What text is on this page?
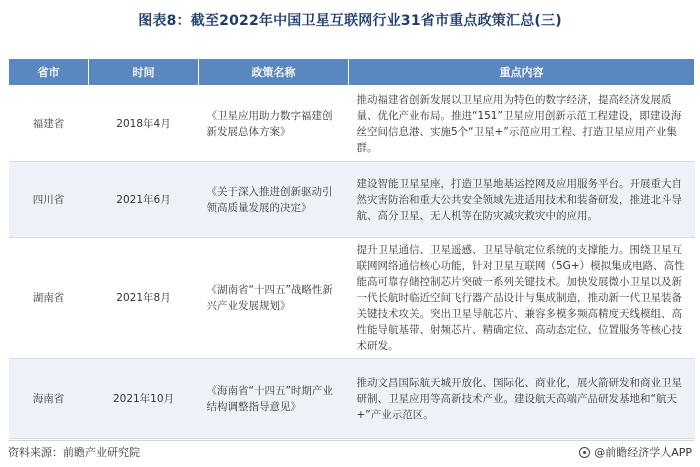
图表8：截至2022年中国卫星互联网行业31省市重点政策汇总(三)
省市	时间	政策名称	重点内容
福建省	2018年4月	《卫星应用助力数字福建创新发展总体方案》	推动福建省创新发展以卫星应用为特色的数字经济，提高经济发展质量、优化产业布局。推进“151”卫星应用创新示范工程建设，即建设海丝空间信息港、实施5个“卫星+”示范应用工程、打造卫星应用产业集群。
四川省	2021年6月	《关于深入推进创新驱动引领高质量发展的决定》	建设智能卫星星座，打造卫星地基运控网及应用服务平台。开展重大自然灾害防治和重大公共安全领域先进适用技术和装备研发，推进北斗导航、高分卫星、无人机等在防灾减灾救灾中的应用。
湖南省	2021年8月	《湖南省“十四五”战略性新兴产业发展规划》	提升卫星通信、卫星遥感、卫星导航定位系统的支撑能力。围绕卫星互联网网络通信核心功能，针对卫星互联网（5G+）模拟集成电路、高性能高可靠存储控制芯片突破一系列关键技术。加快发展微小卫星以及新一代长航时临近空间飞行器产品设计与集成制造，推动新一代卫星装备关键技术攻关。突出卫星导航芯片、兼容多模多频高精度天线模组、高性能导航基带、射频芯片、精确定位、高动态定位、位置服务等核心技术研发。
海南省	2021年10月	《海南省“十四五”时期产业结构调整指导意见》	推动文昌国际航天城开放化、国际化、商业化，展火箭研发和商业卫星研制、卫星应用等高新技术产业。建设航天高端产品研发基地和“航天+”产业示范区。
资料来源：前瞻产业研究院	@前瞻经济学人APP
